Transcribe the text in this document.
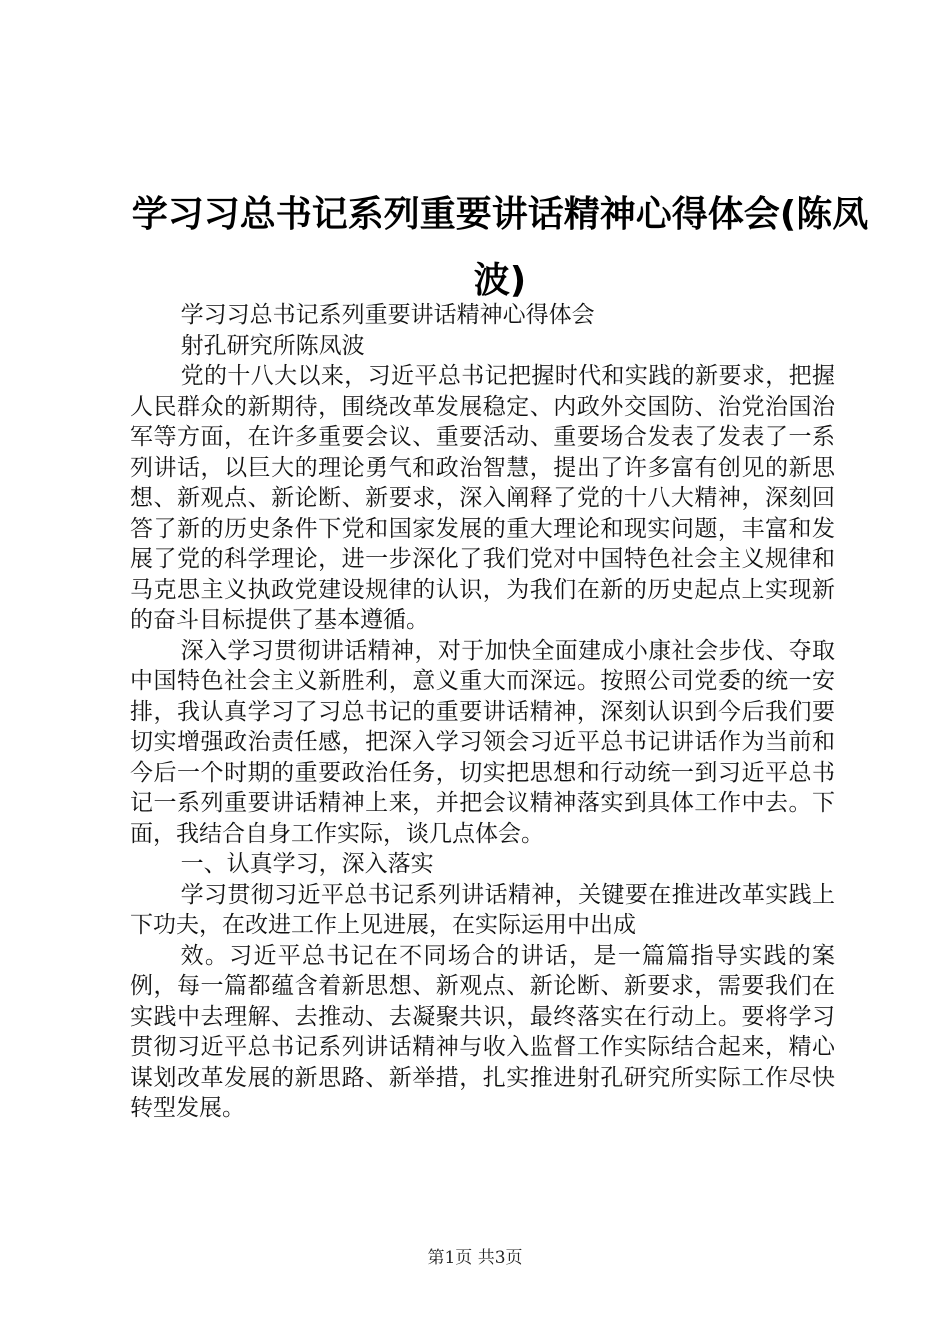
学习习总书记系列重要讲话精神心得体会(陈凤波)

学习习总书记系列重要讲话精神心得体会

射孔研究所陈凤波

党的十八大以来，习近平总书记把握时代和实践的新要求，把握人民群众的新期待，围绕改革发展稳定、内政外交国防、治党治国治军等方面，在许多重要会议、重要活动、重要场合发表了发表了一系列讲话，以巨大的理论勇气和政治智慧，提出了许多富有创见的新思想、新观点、新论断、新要求，深入阐释了党的十八大精神，深刻回答了新的历史条件下党和国家发展的重大理论和现实问题，丰富和发展了党的科学理论，进一步深化了我们党对中国特色社会主义规律和马克思主义执政党建设规律的认识，为我们在新的历史起点上实现新的奋斗目标提供了基本遵循。

深入学习贯彻讲话精神，对于加快全面建成小康社会步伐、夺取中国特色社会主义新胜利，意义重大而深远。按照公司党委的统一安排，我认真学习了习总书记的重要讲话精神，深刻认识到今后我们要切实增强政治责任感，把深入学习领会习近平总书记讲话作为当前和今后一个时期的重要政治任务，切实把思想和行动统一到习近平总书记一系列重要讲话精神上来，并把会议精神落实到具体工作中去。下面，我结合自身工作实际，谈几点体会。

一、认真学习，深入落实

学习贯彻习近平总书记系列讲话精神，关键要在推进改革实践上下功夫，在改进工作上见进展，在实际运用中出成

效。习近平总书记在不同场合的讲话，是一篇篇指导实践的案例，每一篇都蕴含着新思想、新观点、新论断、新要求，需要我们在实践中去理解、去推动、去凝聚共识，最终落实在行动上。要将学习贯彻习近平总书记系列讲话精神与收入监督工作实际结合起来，精心谋划改革发展的新思路、新举措，扎实推进射孔研究所实际工作尽快转型发展。

第1页 共3页
